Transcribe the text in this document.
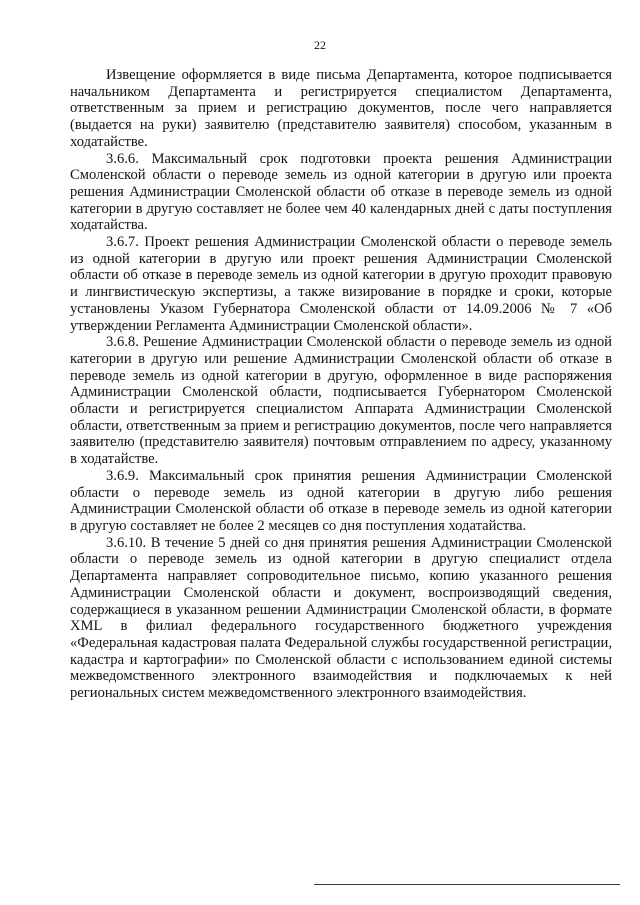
22

Извещение оформляется в виде письма Департамента, которое подписывается начальником Департамента и регистрируется специалистом Департамента, ответственным за прием и регистрацию документов, после чего направляется (выдается на руки) заявителю (представителю заявителя) способом, указанным в ходатайстве.

3.6.6. Максимальный срок подготовки проекта решения Администрации Смоленской области о переводе земель из одной категории в другую или проекта решения Администрации Смоленской области об отказе в переводе земель из одной категории в другую составляет не более чем 40 календарных дней с даты поступления ходатайства.

3.6.7. Проект решения Администрации Смоленской области о переводе земель из одной категории в другую или проект решения Администрации Смоленской области об отказе в переводе земель из одной категории в другую проходит правовую и лингвистическую экспертизы, а также визирование в порядке и сроки, которые установлены Указом Губернатора Смоленской области от 14.09.2006 № 7 «Об утверждении Регламента Администрации Смоленской области».

3.6.8. Решение Администрации Смоленской области о переводе земель из одной категории в другую или решение Администрации Смоленской области об отказе в переводе земель из одной категории в другую, оформленное в виде распоряжения Администрации Смоленской области, подписывается Губернатором Смоленской области и регистрируется специалистом Аппарата Администрации Смоленской области, ответственным за прием и регистрацию документов, после чего направляется заявителю (представителю заявителя) почтовым отправлением по адресу, указанному в ходатайстве.

3.6.9. Максимальный срок принятия решения Администрации Смоленской области о переводе земель из одной категории в другую либо решения Администрации Смоленской области об отказе в переводе земель из одной категории в другую составляет не более 2 месяцев со дня поступления ходатайства.

3.6.10. В течение 5 дней со дня принятия решения Администрации Смоленской области о переводе земель из одной категории в другую специалист отдела Департамента направляет сопроводительное письмо, копию указанного решения Администрации Смоленской области и документ, воспроизводящий сведения, содержащиеся в указанном решении Администрации Смоленской области, в формате XML в филиал федерального государственного бюджетного учреждения «Федеральная кадастровая палата Федеральной службы государственной регистрации, кадастра и картографии» по Смоленской области с использованием единой системы межведомственного электронного взаимодействия и подключаемых к ней региональных систем межведомственного электронного взаимодействия.
